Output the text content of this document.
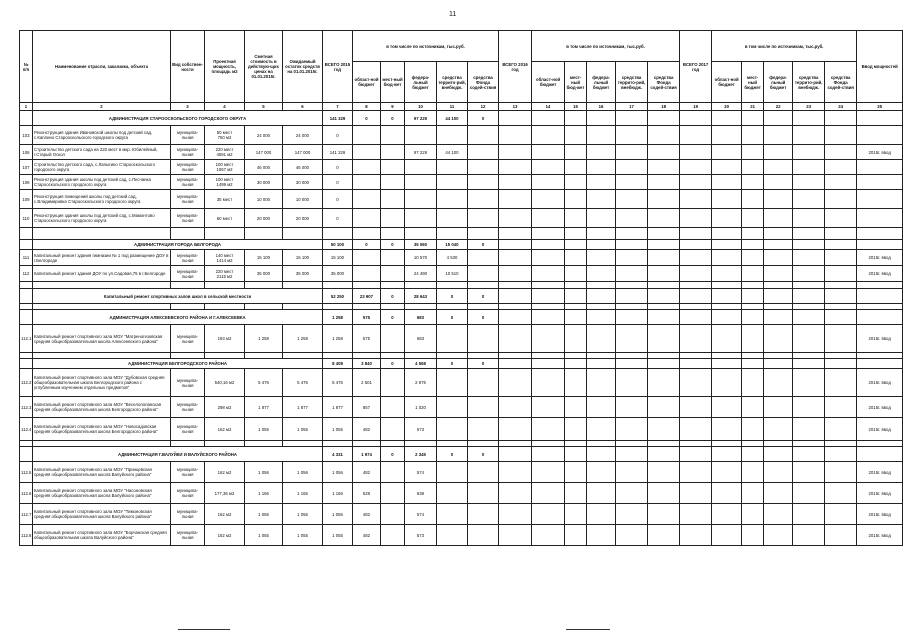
11
№
п/п	Наименование отрасли, заказчика, объекта	Вид собствен-ности	Проектная мощность, площадь м2	Сметная стоимость в действую-щих ценах на 01.01.2015г.	Ожидаемый остаток средств на 01.01.2015г.	ВСЕГО 2015 год	в том числе по источникам, тыс.руб.					ВСЕГО 2016 год	в том числе по источникам, тыс.руб.					ВСЕГО 2017 год	в том числе по источникам, тыс.руб.					Ввод мощностей
							област-ной бюджет	мест-ный бюд-жет	федера-льный бюджет	средства террито-рий, внебюдж.	средства Фонда содей-ствия		област-ной бюджет	мест-ный бюд-жет	федера-льный бюджет	средства террито-рий, внебюдж.	средства Фонда содей-ствия		област-ной бюджет	мест-ный бюджет	федера-льный бюджет	средства террито-рий, внебюдж.	средства Фонда содей-ствия	
1	2	3	4	5	6	7	8	9	10	11	12	13	14	15	16	17	18	19	20	21	22	23	24	25
	АДМИНИСТРАЦИЯ СТАРООСКОЛЬСКОГО ГОРОДСКОГО ОКРУГА					141 329	0	0	97 229	44 100	0													
103	Реконструкция здания Ивановской школы под детский сад, с.Каплино Старооскольского городского округа	муниципа-льная	50 мест
750 м2	24 000	24 000	0																		
106	Строительство детского сада на 220 мест в мкр. Юбилейный, г.Старый Оскол	муниципа-льная	220 мест
4591 м2	147 000	147 000	141 329			97 229	44 100														2015г. ввод
107	Строительство детского сада, с.Лапыгино Старооскольского городского округа	муниципа-льная	100 мест
1067 м2	46 000	46 000	0																		
108	Реконструкция здания школы под детский сад, с.Песчанка Старооскольского городского округа	муниципа-льная	100 мест
1499 м2	30 000	30 000	0																		
109	Реконструкция помещений школы под детский сад, с.Владимировка Старооскольского городского округа	муниципа-льная	35 мест	10 000	10 000	0																		
110	Реконструкция здания школы под детский сад, с.Мамонтово Старооскольского городского округа	муниципа-льная	60 мест	20 000	20 000	0																		

	АДМИНИСТРАЦИЯ ГОРОДА БЕЛГОРОДА					50 100	0	0	35 060	15 040	0													
111	Капитальный ремонт здания гимназии № 1 под размещение ДОУ в г.Белгороде	муниципа-льная	140 мест
1414 м2	15 100	15 100	15 100			10 570	4 530														2015г. ввод
112	Капитальный ремонт здания ДОУ по ул.Садовая,75 в г.Белгороде	муниципа-льная	220 мест
2115 м2	35 000	35 000	35 000			24 490	10 510														2015г. ввод

	Капитальный ремонт спортивных залов школ в сельской местности					52 250	23 907	0	28 643	0	0													

	АДМИНИСТРАЦИЯ АЛЕКСЕЕВСКОГО РАЙОНА И Г.АЛЕКСЕЕВКА					1 258	575	0	683	0	0													
112.1	Капитальный ремонт спортивного зала МОУ "Матреногезовская средняя общеобразовательная школа Алексеевского района"	муниципа-льная	193 м2	1 258	1 258	1 258	575		683															2015г. ввод

	АДМИНИСТРАЦИЯ БЕЛГОРОДСКОГО РАЙОНА					8 408	3 840	0	4 568	0	0													
112.2	Капитальный ремонт спортивного зала МОУ "Дубовская средняя общеобразовательная школа Белгородского района с углубленным изучением отдельных предметов"	муниципа-льная	540,16 м2	5 476	5 476	5 476	2 501		2 975															2015г. ввод
112.3	Капитальный ремонт спортивного зала МОУ "Веселолопанская средняя общеобразовательная школа Белгородского района"	муниципа-льная	298 м2	1 877	1 877	1 877	857		1 020															2015г. ввод
112.4	Капитальный ремонт спортивного зала МОУ "Новосадовская средняя общеобразовательная школа Белгородского района"	муниципа-льная	162 м2	1 055	1 055	1 055	482		573															2015г. ввод

	АДМИНИСТРАЦИЯ Г.ВАЛУЙКИ И ВАЛУЙСКОГО РАЙОНА					4 331	1 974	0	2 345	0	0													
112.5	Капитальный ремонт спортивного зала МОУ "Принцевская средняя общеобразовательная школа Валуйского района"	муниципа-льная	162 м2	1 056	1 056	1 056	482		574															2015г. ввод
112.6	Капитальный ремонт спортивного зала МОУ "Насоновская средняя общеобразовательная школа Валуйского района"	муниципа-льная	177,36 м2	1 166	1 166	1 166	528		638															2015г. ввод
112.7	Капитальный ремонт спортивного зала МОУ "Тимоновская средняя общеобразовательная школа Валуйского района"	муниципа-льная	162 м2	1 056	1 056	1 056	482		574															2015г. ввод
112.8	Капитальный ремонт спортивного зала МОУ "Борчанская средняя общеобразовательная школа Валуйского района"	муниципа-льная	162 м2	1 055	1 055	1 055	482		573															2015г. ввод
